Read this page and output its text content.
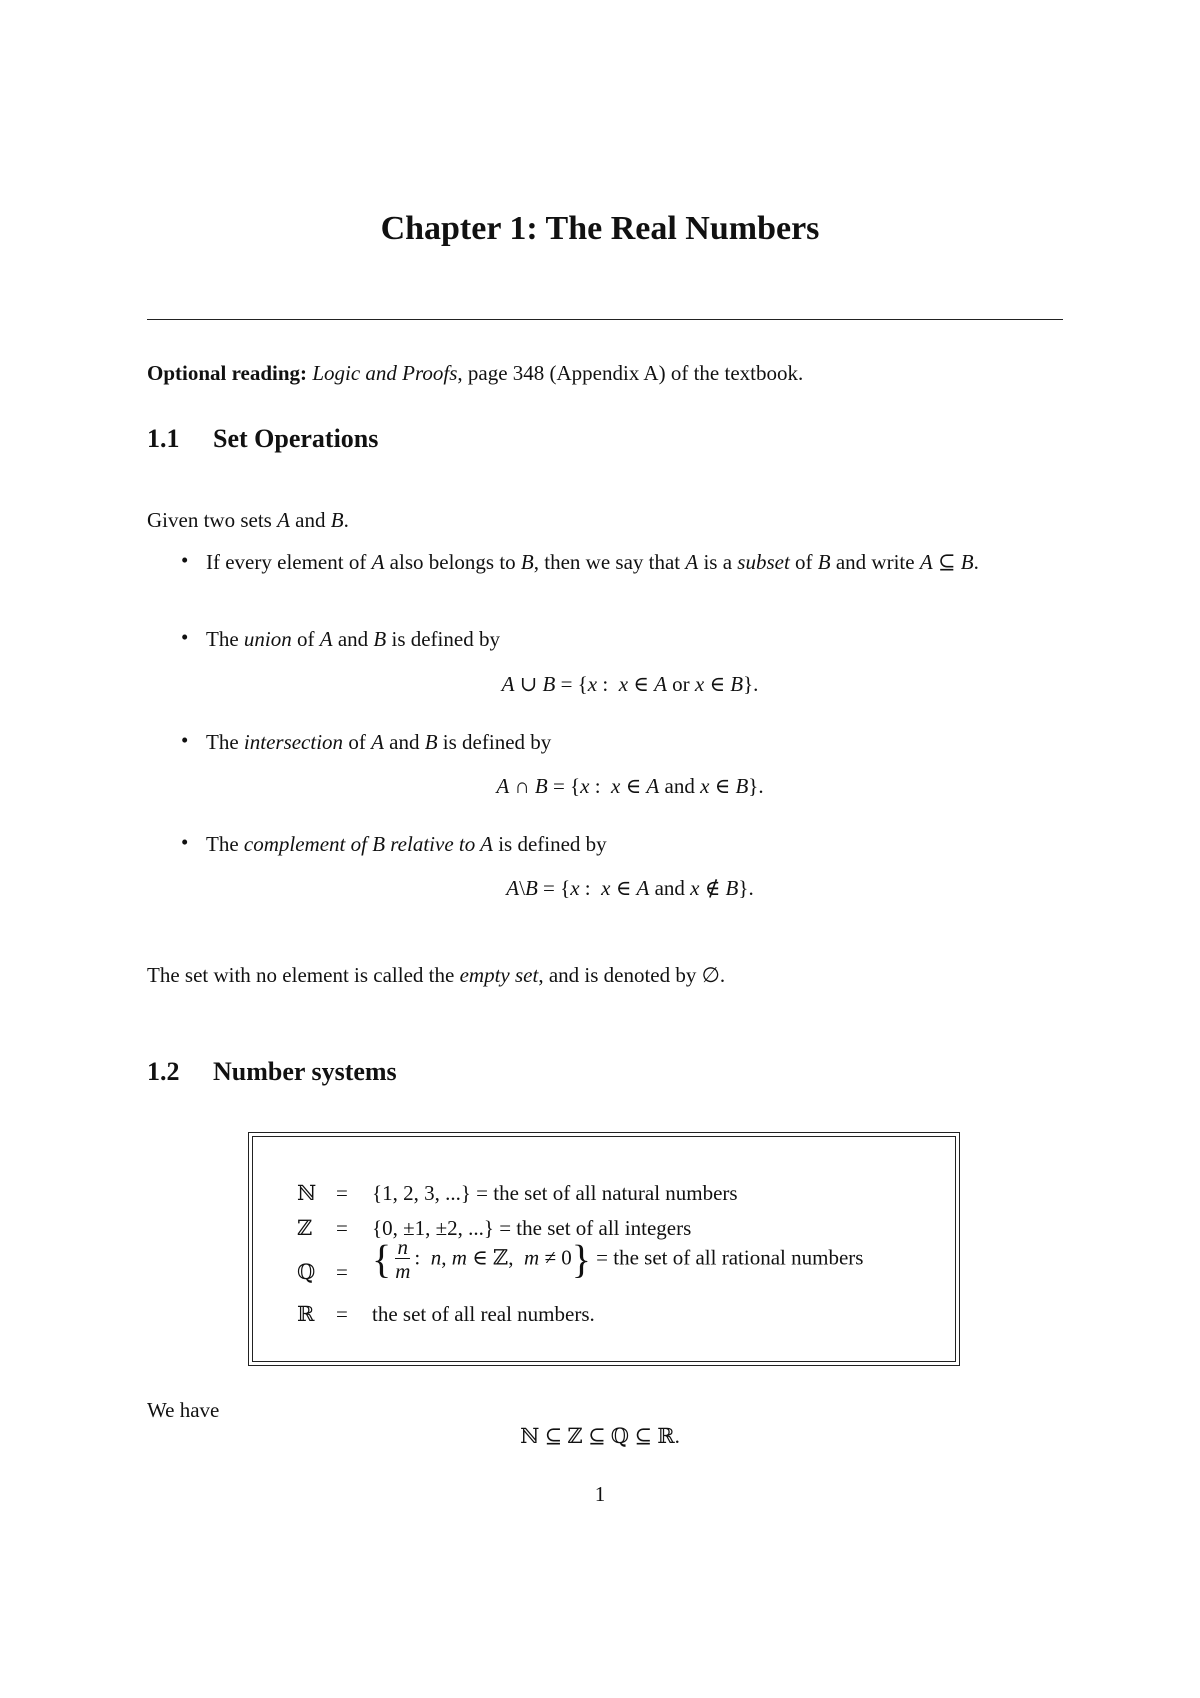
Chapter 1: The Real Numbers
Optional reading: Logic and Proofs, page 348 (Appendix A) of the textbook.
1.1 Set Operations
Given two sets A and B.
• If every element of A also belongs to B, then we say that A is a subset of B and write A ⊆ B.
• The union of A and B is defined by
• The intersection of A and B is defined by
• The complement of B relative to A is defined by
A ∪ B = {x :  x ∈ A or x ∈ B}.
A ∩ B = {x :  x ∈ A and x ∈ B}.
A\B = {x :  x ∈ A and x ∉ B}.
The set with no element is called the empty set, and is denoted by ∅.
1.2 Number systems
ℕ = {1, 2, 3, ...} = the set of all natural numbers
ℤ = {0, ±1, ±2, ...} = the set of all integers
ℚ = { $\frac{n}{m}$ :  n, m ∈ ℤ,  m ≠ 0} = the set of all rational numbers
ℝ = the set of all real numbers.
We have
ℕ ⊆ ℤ ⊆ ℚ ⊆ ℝ.
1
